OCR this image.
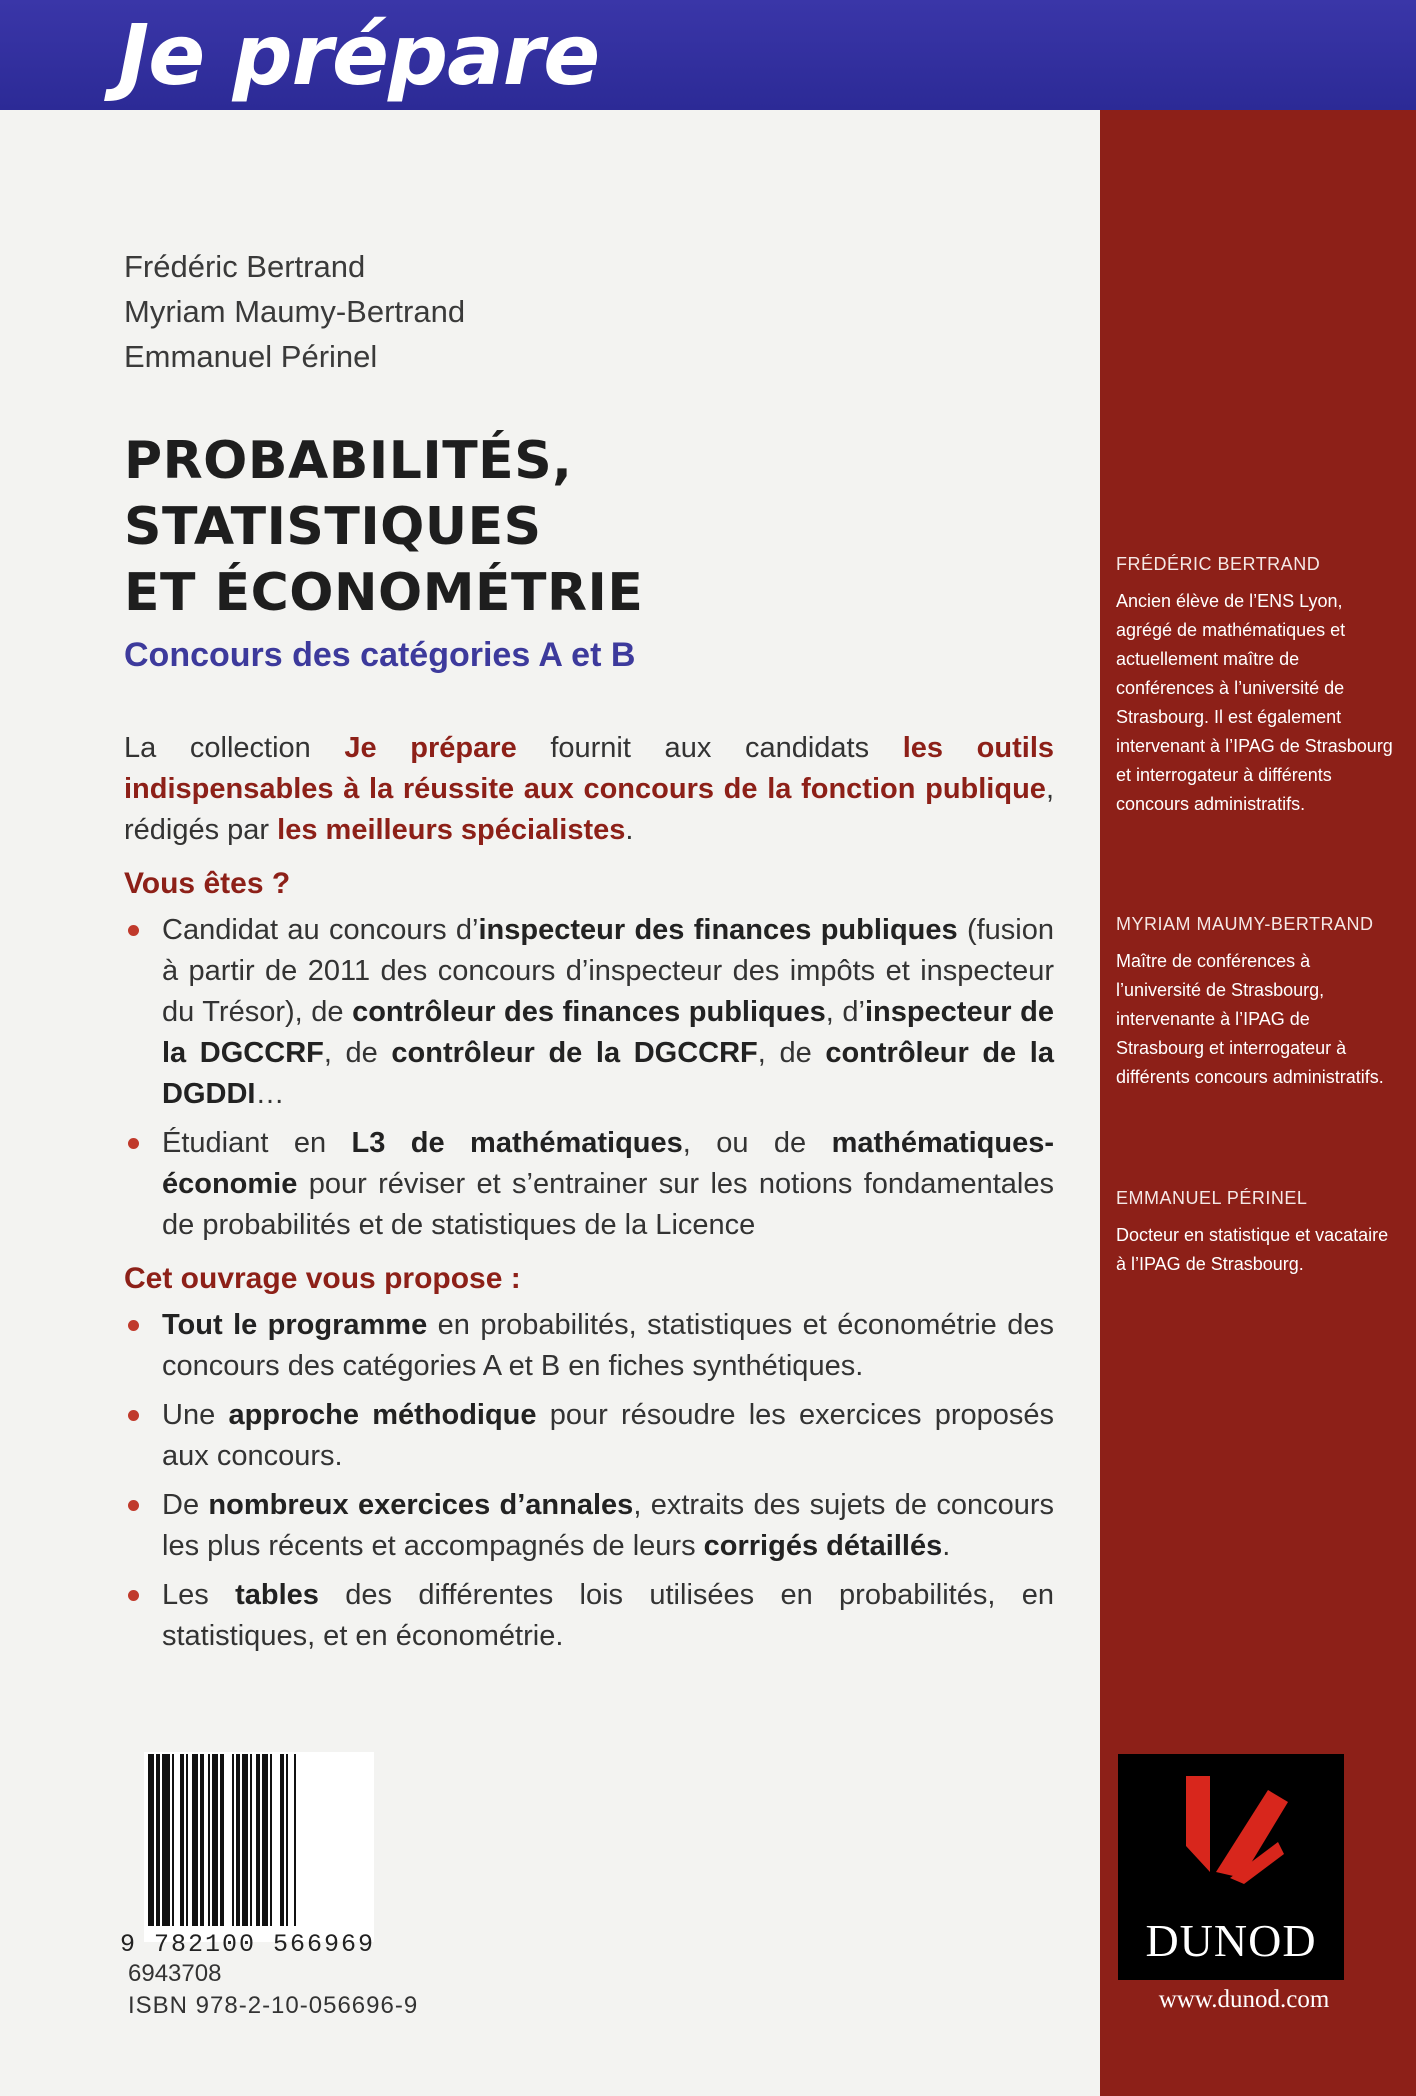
Je prépare
Frédéric Bertrand
Myriam Maumy-Bertrand
Emmanuel Périnel
PROBABILITÉS,
STATISTIQUES
ET ÉCONOMÉTRIE
Concours des catégories A et B

La collection Je prépare fournit aux candidats les outils indispensables à la réussite aux concours de la fonction publique, rédigés par les meilleurs spécialistes.

Vous êtes ?
Candidat au concours d’inspecteur des finances publiques (fusion à partir de 2011 des concours d’inspecteur des impôts et inspecteur du Trésor), de contrôleur des finances publiques, d’inspecteur de la DGCCRF, de contrôleur de la DGCCRF, de contrôleur de la DGDDI…
Étudiant en L3 de mathématiques, ou de mathématiques-économie pour réviser et s’entrainer sur les notions fondamentales de probabilités et de statistiques de la Licence
Cet ouvrage vous propose :
Tout le programme en probabilités, statistiques et économétrie des concours des catégories A et B en fiches synthétiques.
Une approche méthodique pour résoudre les exercices proposés aux concours.
De nombreux exercices d’annales, extraits des sujets de concours les plus récents et accompagnés de leurs corrigés détaillés.
Les tables des différentes lois utilisées en probabilités, en statistiques, et en économétrie.
FRÉDÉRIC BERTRAND
Ancien élève de l’ENS Lyon, agrégé de mathématiques et actuellement maître de conférences à l’université de Strasbourg. Il est également intervenant à l’IPAG de Strasbourg et interrogateur à différents concours administratifs.
MYRIAM MAUMY-BERTRAND
Maître de conférences à l’université de Strasbourg, intervenante à l’IPAG de Strasbourg et interrogateur à différents concours administratifs.
EMMANUEL PÉRINEL
Docteur en statistique et vacataire à l’IPAG de Strasbourg.
9 782100 566969
6943708
ISBN 978-2-10-056696-9
DUNOD
www.dunod.com
